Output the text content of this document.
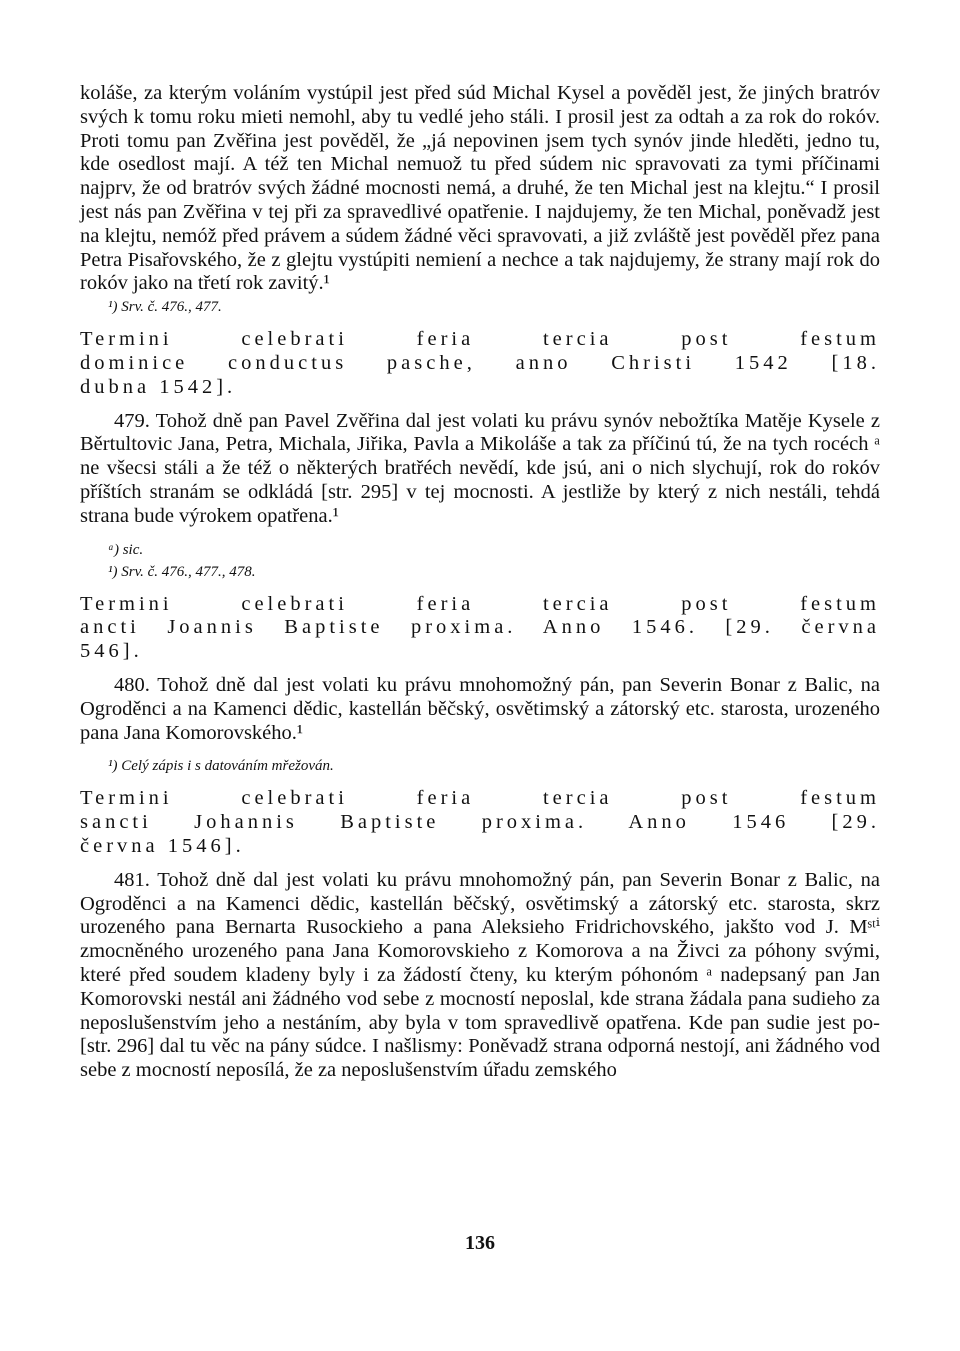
koláše, za kterým voláním vystúpil jest před súd Michal Kysel a pověděl jest, že jiných bratróv svých k tomu roku mieti nemohl, aby tu vedlé jeho stáli. I prosil jest za odtah a za rok do rokóv. Proti tomu pan Zvěřina jest pověděl, že „já nepovinen jsem tych synóv jinde hleděti, jedno tu, kde osedlost mají. A též ten Michal nemuož tu před súdem nic spravovati za tymi příčinami najprv, že od bratróv svých žádné mocnosti nemá, a druhé, že ten Michal jest na klejtu.“ I prosil jest nás pan Zvěřina v tej při za spravedlivé opatřenie. I najdujemy, že ten Michal, poněvadž jest na klejtu, nemóž před právem a súdem žádné věci spravovati, a již zvláště jest pověděl přez pana Petra Pisařovského, že z glejtu vystúpiti nemiení a nechce a tak najdujemy, že strany mají rok do rokóv jako na třetí rok zavitý.¹

¹) Srv. č. 476., 477.

Termini celebrati feria tercia post festum

dominice conductus pasche, anno Christi 1542 [18.

dubna 1542].

479. Tohož dně pan Pavel Zvěřina dal jest volati ku právu synóv nebožtíka Matěje Kysele z Běrtultovic Jana, Petra, Michala, Jiřika, Pavla a Mikoláše a tak za příčinú tú, že na tych rocéch ᵃ ne všecsi stáli a že též o některých bratřéch nevědí, kde jsú, ani o nich slychují, rok do rokóv příštích stranám se odkládá [str. 295] v tej mocnosti. A jestliže by který z nich nestáli, tehdá strana bude výrokem opatřena.¹

ᵃ) sic.

¹) Srv. č. 476., 477., 478.

Termini celebrati feria tercia post festum

ancti Joannis Baptiste proxima. Anno 1546. [29. června

546].

480. Tohož dně dal jest volati ku právu mnohomožný pán, pan Severin Bonar z Balic, na Ogroděnci a na Kamenci dědic, kastellán běčský, osvětimský a zátorský etc. starosta, urozeného pana Jana Komorovského.¹

¹) Celý zápis i s datováním mřežován.

Termini celebrati feria tercia post festum

sancti Johannis Baptiste proxima. Anno 1546 [29.

června 1546].

481. Tohož dně dal jest volati ku právu mnohomožný pán, pan Severin Bonar z Balic, na Ogroděnci a na Kamenci dědic, kastellán běčský, osvětimský a zátorský etc. starosta, skrz urozeného pana Bernarta Rusockieho a pana Aleksieho Fridrichovského, jakšto vod J. Mˢᵗⁱ zmocněného urozeného pana Jana Komorovskieho z Komorova a na Živci za póhony svými, které před soudem kladeny byly i za žádostí čteny, ku kterým póhonóm ᵃ nadepsaný pan Jan Komorovski nestál ani žádného vod sebe z mocností neposlal, kde strana žádala pana sudieho za neposlušenstvím jeho a nestáním, aby byla v tom spravedlivě opatřena. Kde pan sudie jest po- [str. 296] dal tu věc na pány súdce. I našlismy: Poněvadž strana odporná nestojí, ani žádného vod sebe z mocností neposílá, že za neposlušenstvím úřadu zemského

136
